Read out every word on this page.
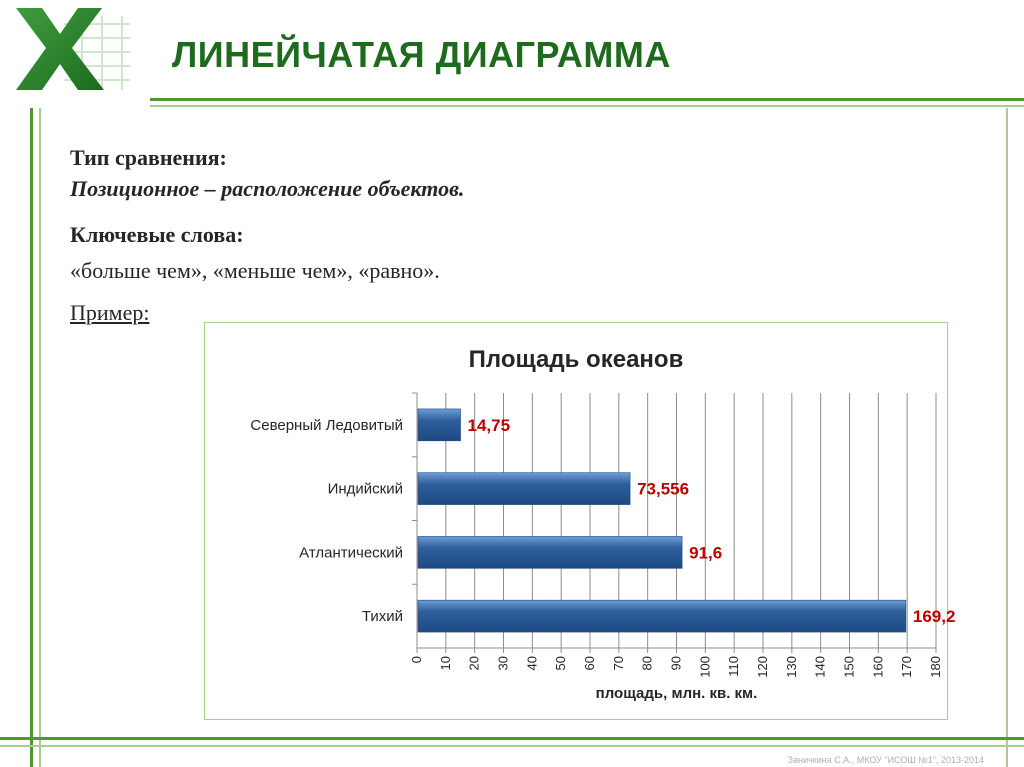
ЛИНЕЙЧАТАЯ ДИАГРАММА
Тип сравнения:
Позиционное – расположение объектов.
Ключевые слова:
«больше чем», «меньше чем», «равно».
Пример:
Площадь океанов
0 10 20 30 40 50 60 70 80 90 100 110 120 130 140 150 160 170 180
Северный Ледовитый	14,75
Индийский	73,556
Атлантический	91,6
Тихий	169,2
площадь, млн. кв. км.
Заничкина С.А., МКОУ "ИСОШ №1", 2013-2014
